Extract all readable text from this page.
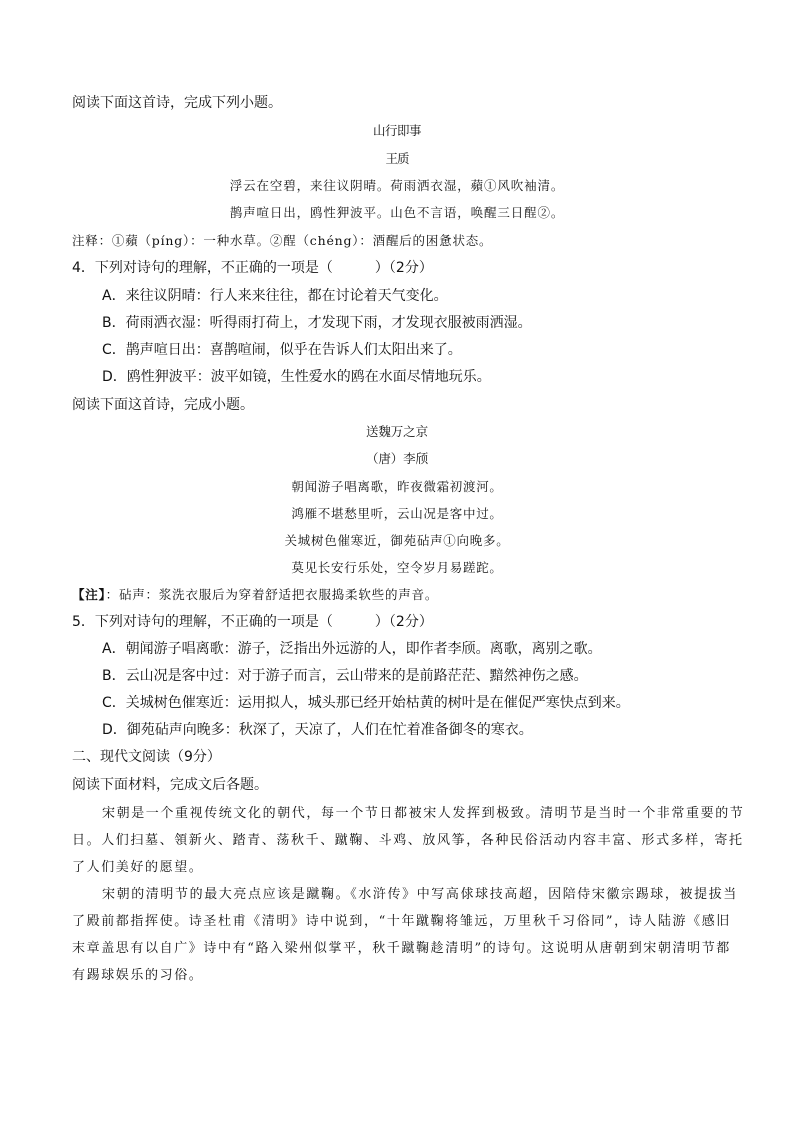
阅读下面这首诗，完成下列小题。
山行即事
王质
浮云在空碧，来往议阴晴。荷雨洒衣湿，蘋①风吹袖清。
鹊声喧日出，鸥性狎波平。山色不言语，唤醒三日酲②。
注释：①蘋（píng）：一种水草。②酲（chéng）：酒醒后的困惫状态。
4．下列对诗句的理解，不正确的一项是（　　　）（2分）
A．来往议阴晴：行人来来往往，都在讨论着天气变化。
B．荷雨洒衣湿：听得雨打荷上，才发现下雨，才发现衣服被雨洒湿。
C．鹊声喧日出：喜鹊喧闹，似乎在告诉人们太阳出来了。
D．鸥性狎波平：波平如镜，生性爱水的鸥在水面尽情地玩乐。
阅读下面这首诗，完成小题。
送魏万之京
（唐）李颀
朝闻游子唱离歌，昨夜微霜初渡河。
鸿雁不堪愁里听，云山况是客中过。
关城树色催寒近，御苑砧声①向晚多。
莫见长安行乐处，空令岁月易蹉跎。
【注】：砧声：浆洗衣服后为穿着舒适把衣服捣柔软些的声音。
5．下列对诗句的理解，不正确的一项是（　　　）（2分）
A．朝闻游子唱离歌：游子，泛指出外远游的人，即作者李颀。离歌，离别之歌。
B．云山况是客中过：对于游子而言，云山带来的是前路茫茫、黯然神伤之感。
C．关城树色催寒近：运用拟人，城头那已经开始枯黄的树叶是在催促严寒快点到来。
D．御苑砧声向晚多：秋深了，天凉了，人们在忙着准备御冬的寒衣。
二、现代文阅读（9分）
阅读下面材料，完成文后各题。
宋朝是一个重视传统文化的朝代，每一个节日都被宋人发挥到极致。清明节是当时一个非常重要的节
日。人们扫墓、領新火、踏青、荡秋千、蹴鞠、斗鸡、放风筝，各种民俗活动内容丰富、形式多样，寄托
了人们美好的愿望。
宋朝的清明节的最大亮点应该是蹴鞠。《水浒传》中写高俅球技高超，因陪侍宋徽宗踢球，被提拔当
了殿前都指挥使。诗圣杜甫《清明》诗中说到，“十年蹴鞠将雏远，万里秋千习俗同”，诗人陆游《感旧
末章盖思有以自广》诗中有“路入梁州似掌平，秋千蹴鞠趁清明”的诗句。这说明从唐朝到宋朝清明节都
有踢球娱乐的习俗。
